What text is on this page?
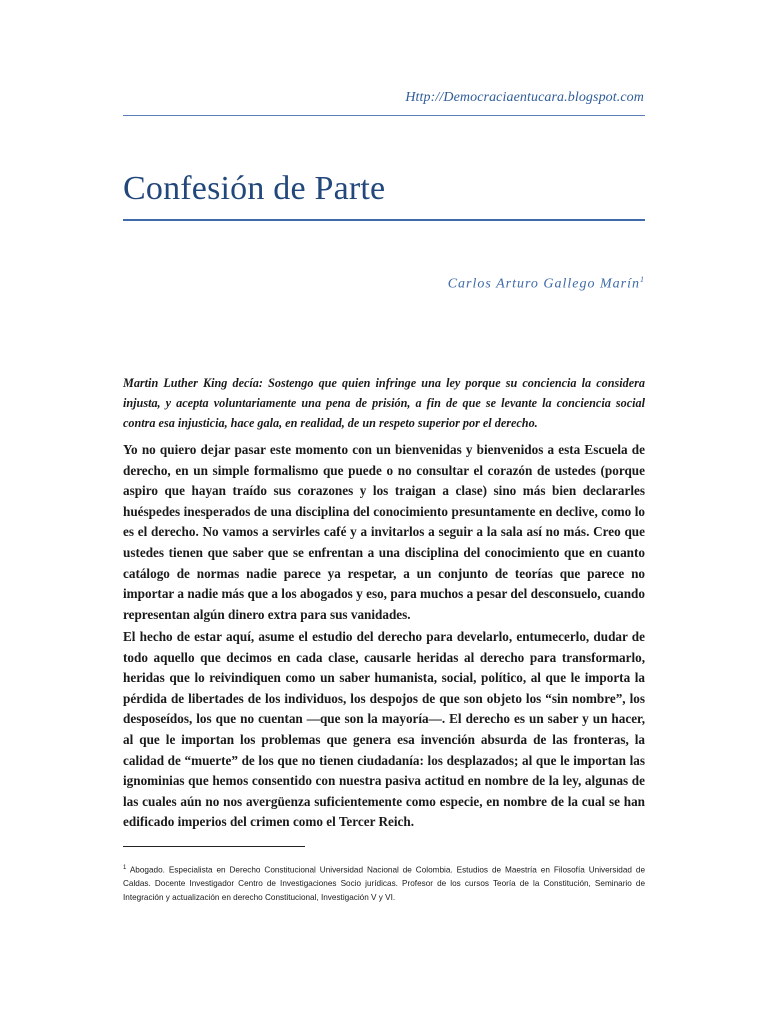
Http://Democraciaentucara.blogspot.com
Confesión de Parte
Carlos Arturo Gallego Marín$^1$

Martin Luther King decía: Sostengo que quien infringe una ley porque su conciencia la considera injusta, y acepta voluntariamente una pena de prisión, a fin de que se levante la conciencia social contra esa injusticia, hace gala, en realidad, de un respeto superior por el derecho.

Yo no quiero dejar pasar este momento con un bienvenidas y bienvenidos a esta Escuela de derecho, en un simple formalismo que puede o no consultar el corazón de ustedes (porque aspiro que hayan traído sus corazones y los traigan a clase) sino más bien declararles huéspedes inesperados de una disciplina del conocimiento presuntamente en declive, como lo es el derecho. No vamos a servirles café y a invitarlos a seguir a la sala así no más. Creo que ustedes tienen que saber que se enfrentan a una disciplina del conocimiento que en cuanto catálogo de normas nadie parece ya respetar, a un conjunto de teorías que parece no importar a nadie más que a los abogados y eso, para muchos a pesar del desconsuelo, cuando representan algún dinero extra para sus vanidades.

El hecho de estar aquí, asume el estudio del derecho para develarlo, entumecerlo, dudar de todo aquello que decimos en cada clase, causarle heridas al derecho para transformarlo, heridas que lo reivindiquen como un saber humanista, social, político, al que le importa la pérdida de libertades de los individuos, los despojos de que son objeto los “sin nombre”, los desposeídos, los que no cuentan —que son la mayoría—. El derecho es un saber y un hacer, al que le importan los problemas que genera esa invención absurda de las fronteras, la calidad de “muerte” de los que no tienen ciudadanía: los desplazados; al que le importan las ignominias que hemos consentido con nuestra pasiva actitud en nombre de la ley, algunas de las cuales aún no nos avergüenza suficientemente como especie, en nombre de la cual se han edificado imperios del crimen como el Tercer Reich.

$^1$ Abogado. Especialista en Derecho Constitucional Universidad Nacional de Colombia. Estudios de Maestría en Filosofía Universidad de Caldas. Docente Investigador Centro de Investigaciones Socio jurídicas. Profesor de los cursos Teoría de la Constitución, Seminario de Integración y actualización en derecho Constitucional, Investigación V y VI.
